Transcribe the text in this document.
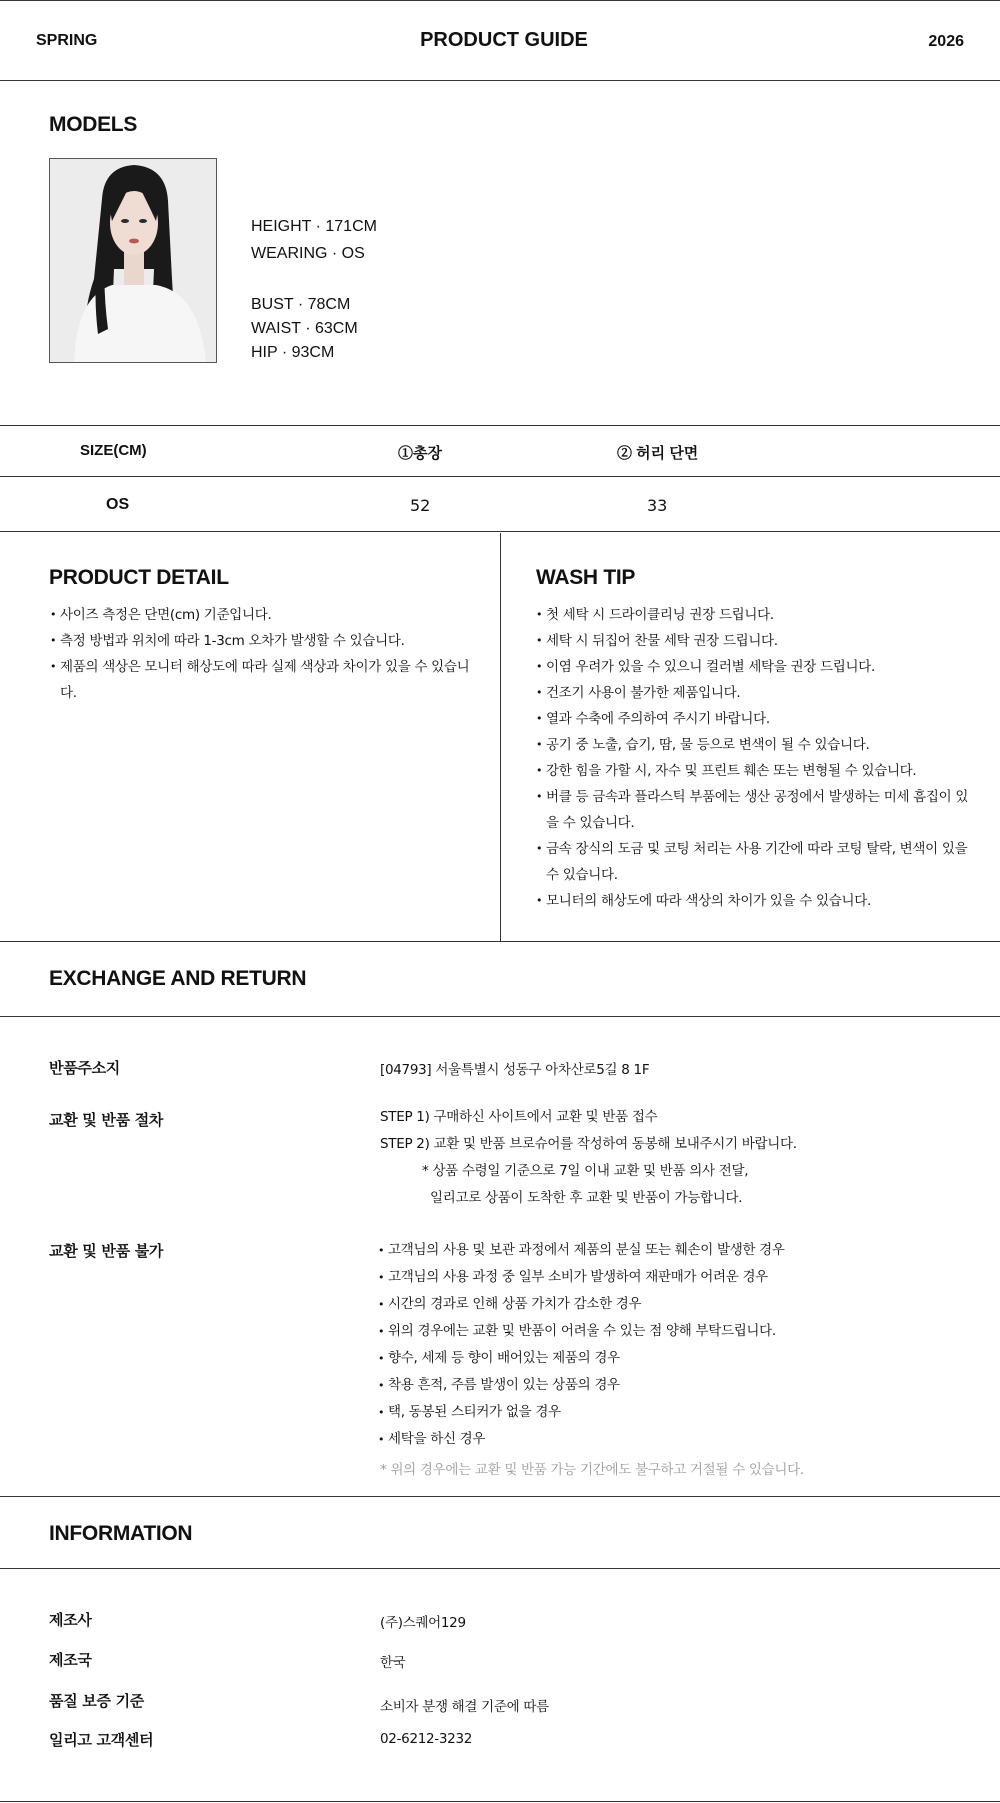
SPRING	PRODUCT GUIDE	2026
MODELS
HEIGHT · 171CM
WEARING · OS
BUST · 78CM
WAIST · 63CM
HIP · 93CM
SIZE(CM)	①총장	② 허리 단면
OS	52	33
PRODUCT DETAIL
• 사이즈 측정은 단면(cm) 기준입니다.
• 측정 방법과 위치에 따라 1-3cm 오차가 발생할 수 있습니다.
• 제품의 색상은 모니터 해상도에 따라 실제 색상과 차이가 있을 수 있습니다.
WASH TIP
• 첫 세탁 시 드라이클리닝 권장 드립니다.
• 세탁 시 뒤집어 찬물 세탁 권장 드립니다.
• 이염 우려가 있을 수 있으니 컬러별 세탁을 권장 드립니다.
• 건조기 사용이 불가한 제품입니다.
• 열과 수축에 주의하여 주시기 바랍니다.
• 공기 중 노출, 습기, 땀, 물 등으로 변색이 될 수 있습니다.
• 강한 힘을 가할 시, 자수 및 프린트 훼손 또는 변형될 수 있습니다.
• 버클 등 금속과 플라스틱 부품에는 생산 공정에서 발생하는 미세 흠집이 있을 수 있습니다.
• 금속 장식의 도금 및 코팅 처리는 사용 기간에 따라 코팅 탈락, 변색이 있을 수 있습니다.
• 모니터의 해상도에 따라 색상의 차이가 있을 수 있습니다.
EXCHANGE AND RETURN
반품주소지	[04793] 서울특별시 성동구 아차산로5길 8 1F
교환 및 반품 절차	STEP 1) 구매하신 사이트에서 교환 및 반품 접수
STEP 2) 교환 및 반품 브로슈어를 작성하여 동봉해 보내주시기 바랍니다.
* 상품 수령일 기준으로 7일 이내 교환 및 반품 의사 전달,
일리고로 상품이 도착한 후 교환 및 반품이 가능합니다.
교환 및 반품 불가
•	고객님의 사용 및 보관 과정에서 제품의 분실 또는 훼손이 발생한 경우
• 고객님의 사용 과정 중 일부 소비가 발생하여 재판매가 어려운 경우
• 시간의 경과로 인해 상품 가치가 감소한 경우
• 위의 경우에는 교환 및 반품이 어려울 수 있는 점 양해 부탁드립니다.
• 향수, 세제 등 향이 배어있는 제품의 경우
• 착용 흔적, 주름 발생이 있는 상품의 경우
• 택, 동봉된 스티커가 없을 경우
• 세탁을 하신 경우
* 위의 경우에는 교환 및 반품 가능 기간에도 불구하고 거절될 수 있습니다.
INFORMATION
제조사	(주)스퀘어129
제조국	한국
품질 보증 기준	소비자 분쟁 해결 기준에 따름
일리고 고객센터	02-6212-3232
